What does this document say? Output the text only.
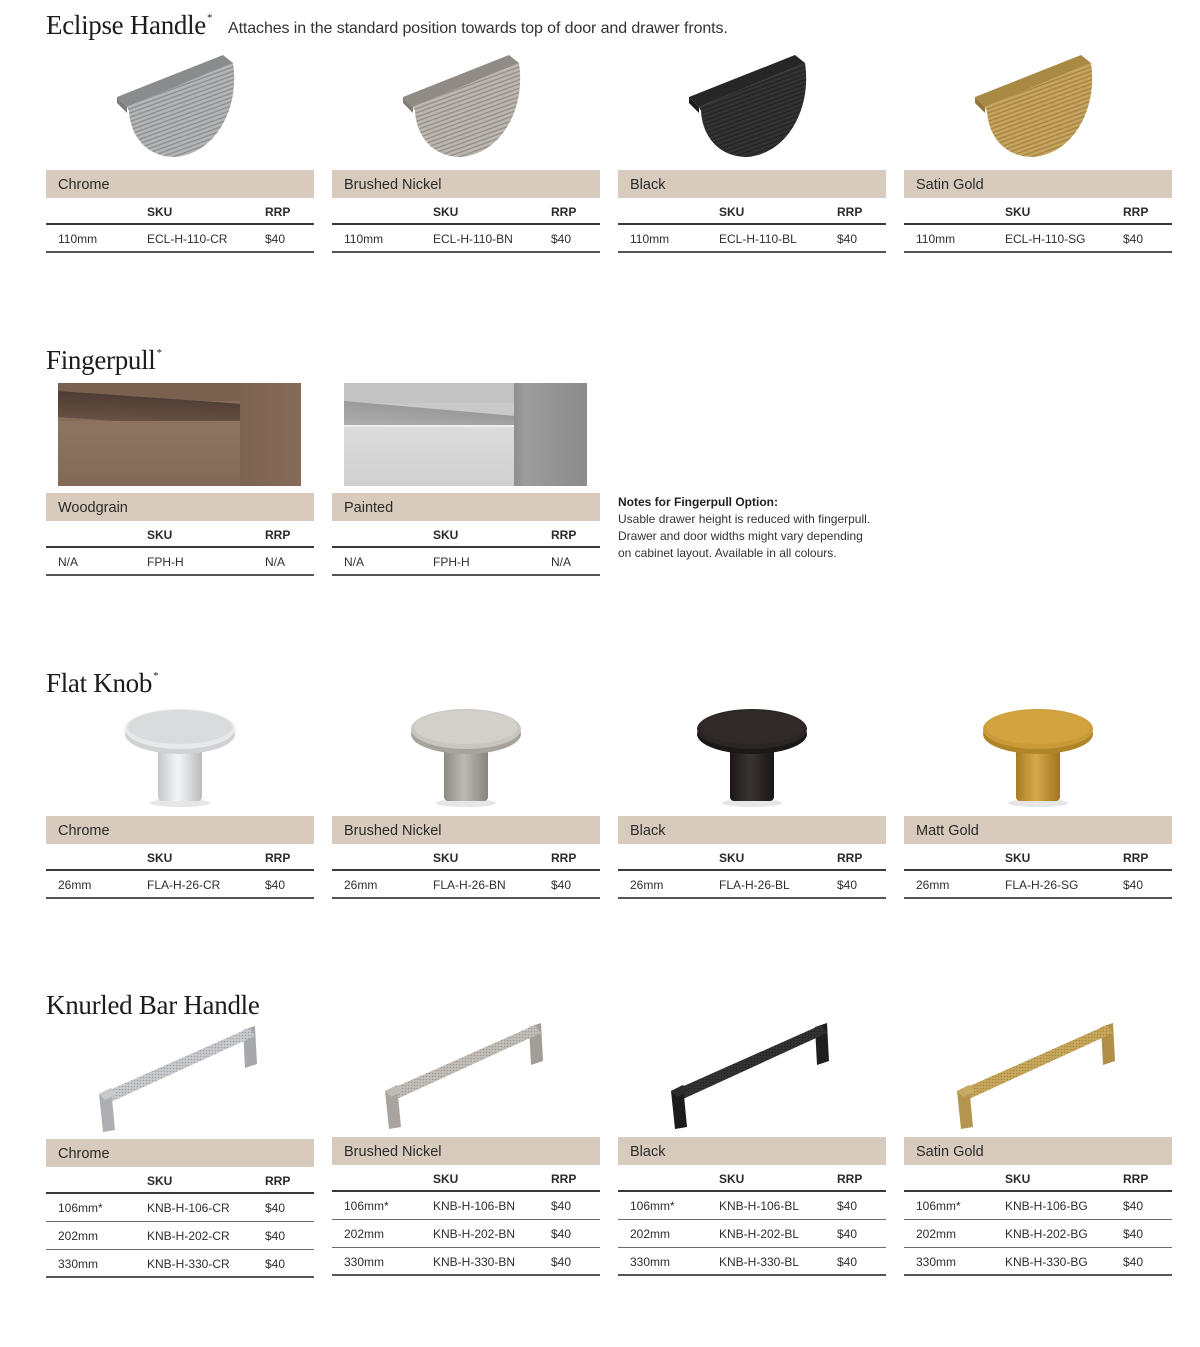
Eclipse Handle*
Attaches in the standard position towards top of door and drawer fronts.
Chrome
SKU	RRP
110mm	ECL-H-110-CR	$40
Brushed Nickel
SKU	RRP
110mm	ECL-H-110-BN	$40
Black
SKU	RRP
110mm	ECL-H-110-BL	$40
Satin Gold
SKU	RRP
110mm	ECL-H-110-SG	$40
Fingerpull*
Woodgrain
SKU	RRP
N/A	FPH-H	N/A
Painted
SKU	RRP
N/A	FPH-H	N/A
Notes for Fingerpull Option:
Usable drawer height is reduced with fingerpull.
Drawer and door widths might vary depending
on cabinet layout. Available in all colours.
Flat Knob*
Chrome
SKU	RRP
26mm	FLA-H-26-CR	$40
Brushed Nickel
SKU	RRP
26mm	FLA-H-26-BN	$40
Black
SKU	RRP
26mm	FLA-H-26-BL	$40
Matt Gold
SKU	RRP
26mm	FLA-H-26-SG	$40
Knurled Bar Handle
Chrome
SKU	RRP
106mm*	KNB-H-106-CR	$40
202mm	KNB-H-202-CR	$40
330mm	KNB-H-330-CR	$40
Brushed Nickel
SKU	RRP
106mm*	KNB-H-106-BN	$40
202mm	KNB-H-202-BN	$40
330mm	KNB-H-330-BN	$40
Black
SKU	RRP
106mm*	KNB-H-106-BL	$40
202mm	KNB-H-202-BL	$40
330mm	KNB-H-330-BL	$40
Satin Gold
SKU	RRP
106mm*	KNB-H-106-BG	$40
202mm	KNB-H-202-BG	$40
330mm	KNB-H-330-BG	$40
